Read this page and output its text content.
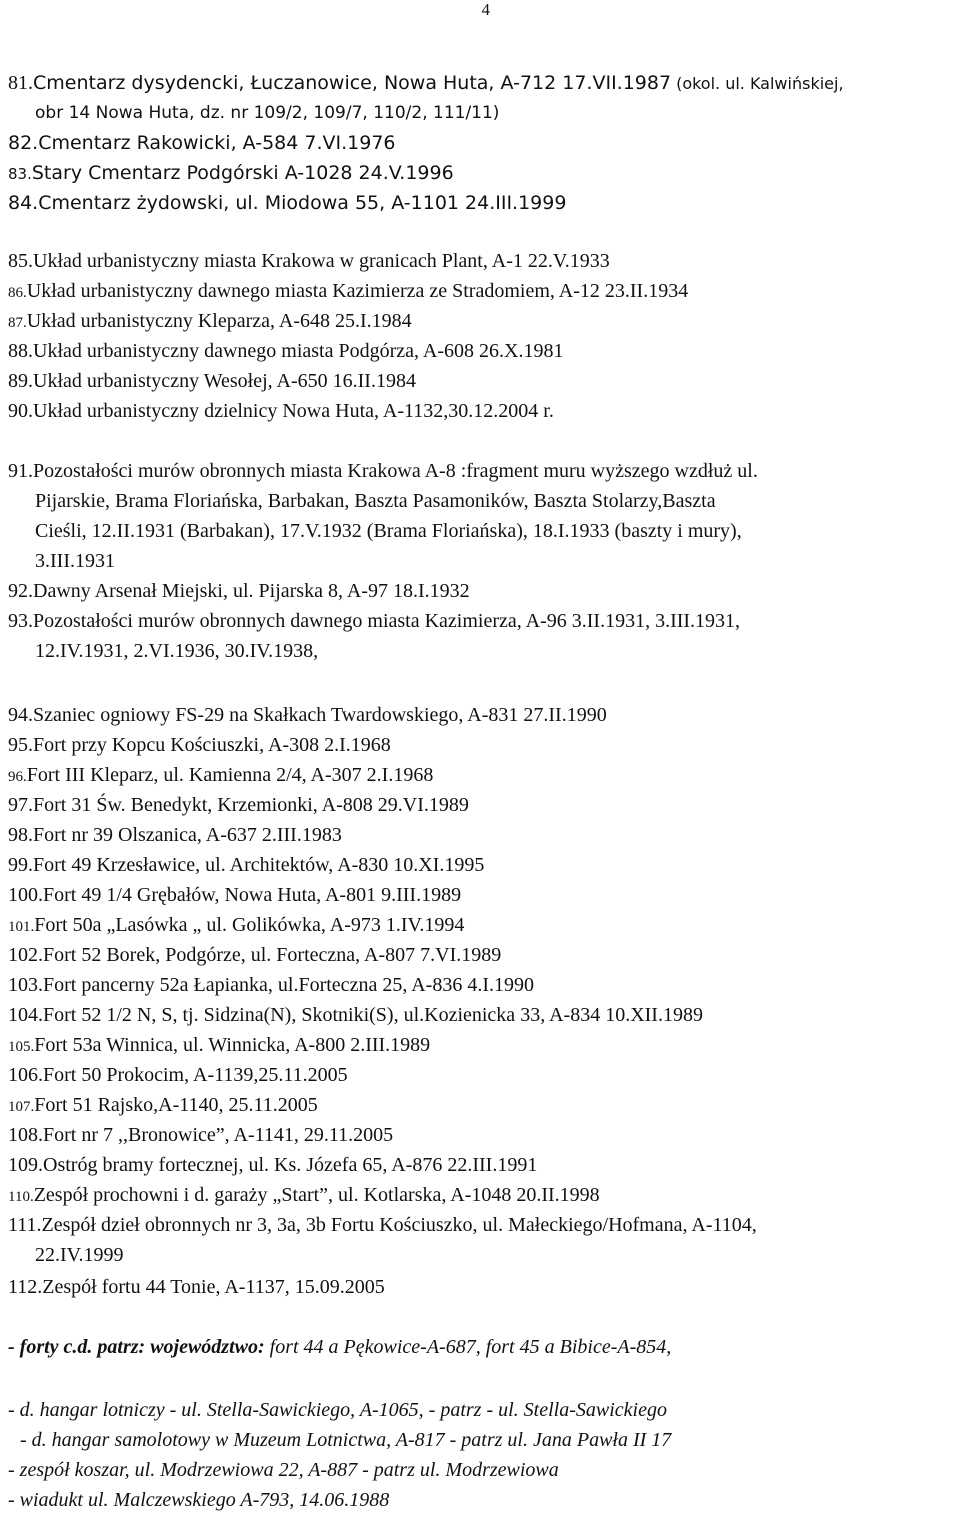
4
81.Cmentarz dysydencki, Łuczanowice, Nowa Huta, A-712 17.VII.1987 (okol. ul. Kalwińskiej,
obr 14 Nowa Huta, dz. nr 109/2, 109/7, 110/2, 111/11)
82.Cmentarz Rakowicki, A-584 7.VI.1976
83.Stary Cmentarz Podgórski A-1028 24.V.1996
84.Cmentarz żydowski, ul. Miodowa 55, A-1101 24.III.1999
85.Układ urbanistyczny miasta Krakowa w granicach Plant, A-1 22.V.1933
86.Układ urbanistyczny dawnego miasta Kazimierza ze Stradomiem, A-12 23.II.1934
87.Układ urbanistyczny Kleparza, A-648 25.I.1984
88.Układ urbanistyczny dawnego miasta Podgórza, A-608 26.X.1981
89.Układ urbanistyczny Wesołej, A-650 16.II.1984
90.Układ urbanistyczny dzielnicy Nowa Huta, A-1132,30.12.2004 r.
91.Pozostałości murów obronnych miasta Krakowa A-8 :fragment muru wyższego wzdłuż ul.
Pijarskie, Brama Floriańska, Barbakan, Baszta Pasamoników, Baszta Stolarzy,Baszta
Cieśli, 12.II.1931 (Barbakan), 17.V.1932 (Brama Floriańska), 18.I.1933 (baszty i mury),
3.III.1931
92.Dawny Arsenał Miejski, ul. Pijarska 8, A-97 18.I.1932
93.Pozostałości murów obronnych dawnego miasta Kazimierza, A-96 3.II.1931, 3.III.1931,
12.IV.1931, 2.VI.1936, 30.IV.1938,
94.Szaniec ogniowy FS-29 na Skałkach Twardowskiego, A-831 27.II.1990
95.Fort przy Kopcu Kościuszki, A-308 2.I.1968
96.Fort III Kleparz, ul. Kamienna 2/4, A-307 2.I.1968
97.Fort 31 Św. Benedykt, Krzemionki, A-808 29.VI.1989
98.Fort nr 39 Olszanica, A-637 2.III.1983
99.Fort 49 Krzesławice, ul. Architektów, A-830 10.XI.1995
100.Fort 49 1/4 Grębałów, Nowa Huta, A-801 9.III.1989
101.Fort 50a „Lasówka „ ul. Golikówka, A-973 1.IV.1994
102.Fort 52 Borek, Podgórze, ul. Forteczna, A-807 7.VI.1989
103.Fort pancerny 52a Łapianka, ul.Forteczna 25, A-836 4.I.1990
104.Fort 52 1/2 N, S, tj. Sidzina(N), Skotniki(S), ul.Kozienicka 33, A-834 10.XII.1989
105.Fort 53a Winnica, ul. Winnicka, A-800 2.III.1989
106.Fort 50 Prokocim, A-1139,25.11.2005
107.Fort 51 Rajsko,A-1140, 25.11.2005
108.Fort nr 7 ,,Bronowice”, A-1141, 29.11.2005
109.Ostróg bramy fortecznej, ul. Ks. Józefa 65, A-876 22.III.1991
110.Zespół prochowni i d. garaży „Start”, ul. Kotlarska, A-1048 20.II.1998
111.Zespół dzieł obronnych nr 3, 3a, 3b Fortu Kościuszko, ul. Małeckiego/Hofmana, A-1104,
22.IV.1999
112.Zespół fortu 44 Tonie, A-1137, 15.09.2005
- forty c.d. patrz: województwo: fort 44 a Pękowice-A-687, fort 45 a Bibice-A-854,
- d. hangar lotniczy - ul. Stella-Sawickiego, A-1065, - patrz - ul. Stella-Sawickiego
- d. hangar samolotowy w Muzeum Lotnictwa, A-817 - patrz ul. Jana Pawła II 17
- zespół koszar, ul. Modrzewiowa 22, A-887 - patrz ul. Modrzewiowa
- wiadukt ul. Malczewskiego A-793, 14.06.1988
